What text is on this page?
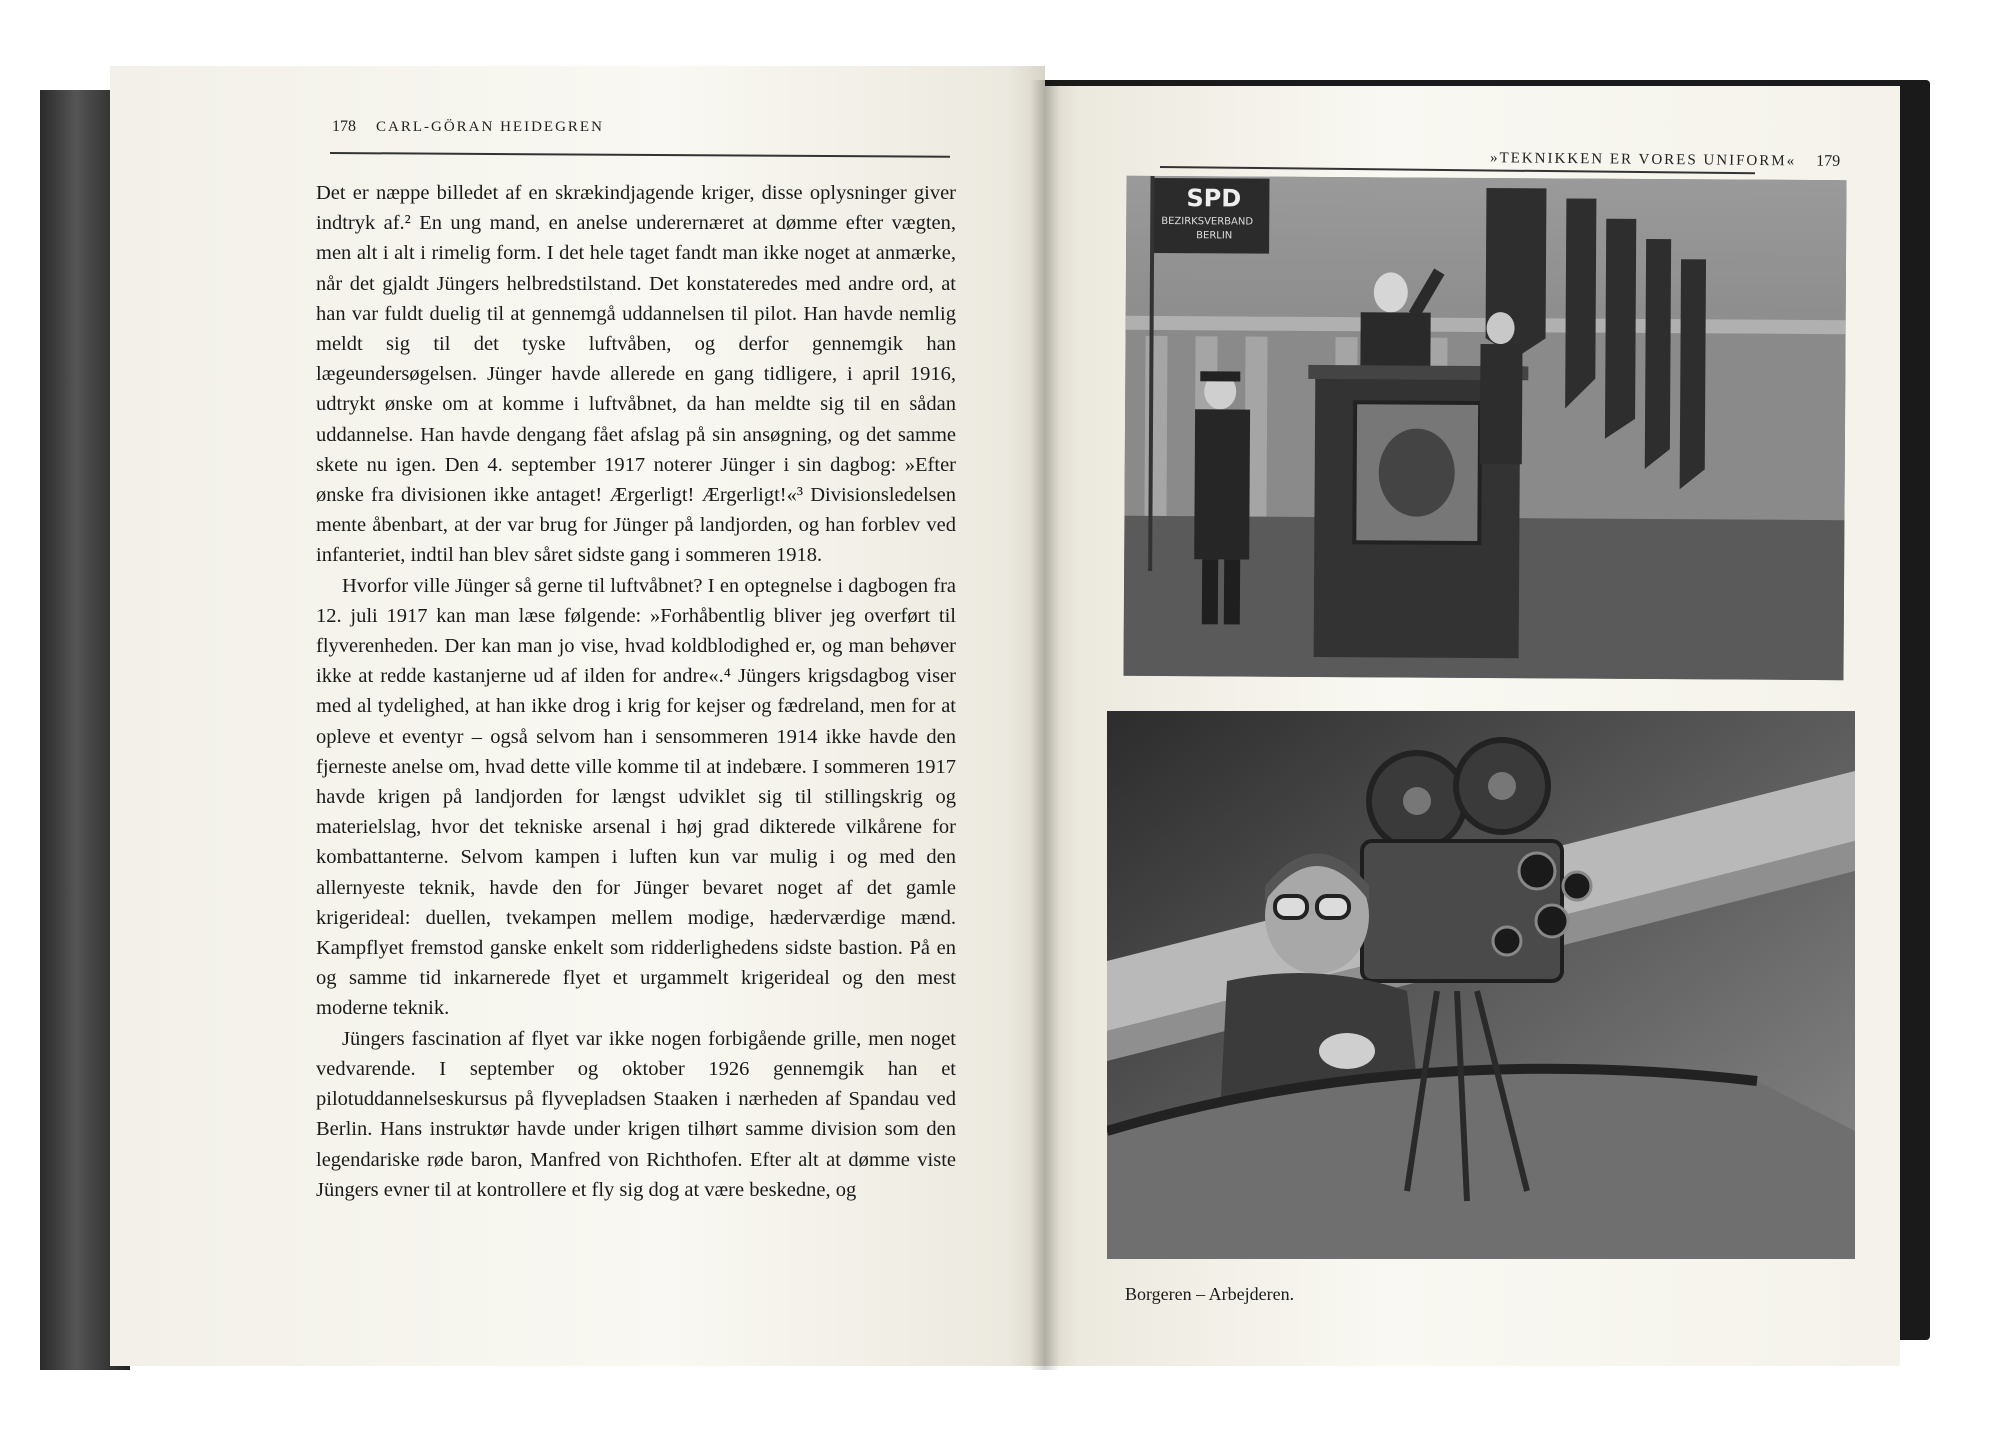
178 CARL-GÖRAN HEIDEGREN

Det er næppe billedet af en skrækindjagende kriger, disse oplysninger giver indtryk af.² En ung mand, en anelse underernæret at dømme efter vægten, men alt i alt i rimelig form. I det hele taget fandt man ikke noget at anmærke, når det gjaldt Jüngers helbredstilstand. Det konstateredes med andre ord, at han var fuldt duelig til at gennemgå uddannelsen til pilot. Han havde nemlig meldt sig til det tyske luftvåben, og derfor gennemgik han lægeundersøgelsen. Jünger havde allerede en gang tidligere, i april 1916, udtrykt ønske om at komme i luftvåbnet, da han meldte sig til en sådan uddannelse. Han havde dengang fået afslag på sin ansøgning, og det samme skete nu igen. Den 4. september 1917 noterer Jünger i sin dagbog: »Efter ønske fra divisionen ikke antaget! Ærgerligt! Ærgerligt!«³ Divisionsledelsen mente åbenbart, at der var brug for Jünger på landjorden, og han forblev ved infanteriet, indtil han blev såret sidste gang i sommeren 1918.

Hvorfor ville Jünger så gerne til luftvåbnet? I en optegnelse i dagbogen fra 12. juli 1917 kan man læse følgende: »Forhåbentlig bliver jeg overført til flyverenheden. Der kan man jo vise, hvad koldblodighed er, og man behøver ikke at redde kastanjerne ud af ilden for andre«.⁴ Jüngers krigsdagbog viser med al tydelighed, at han ikke drog i krig for kejser og fædreland, men for at opleve et eventyr – også selvom han i sensommeren 1914 ikke havde den fjerneste anelse om, hvad dette ville komme til at indebære. I sommeren 1917 havde krigen på landjorden for længst udviklet sig til stillingskrig og materielslag, hvor det tekniske arsenal i høj grad dikterede vilkårene for kombattanterne. Selvom kampen i luften kun var mulig i og med den allernyeste teknik, havde den for Jünger bevaret noget af det gamle krigerideal: duellen, tvekampen mellem modige, hæderværdige mænd. Kampflyet fremstod ganske enkelt som ridderlighedens sidste bastion. På en og samme tid inkarnerede flyet et urgammelt krigerideal og den mest moderne teknik.

Jüngers fascination af flyet var ikke nogen forbigående grille, men noget vedvarende. I september og oktober 1926 gennemgik han et pilotuddannelseskursus på flyvepladsen Staaken i nærheden af Spandau ved Berlin. Hans instruktør havde under krigen tilhørt samme division som den legendariske røde baron, Manfred von Richthofen. Efter alt at dømme viste Jüngers evner til at kontrollere et fly sig dog at være beskedne, og

»TEKNIKKEN ER VORES UNIFORM« 179
SPD
BEZIRKSVERBAND
BERLIN
Borgeren – Arbejderen.
